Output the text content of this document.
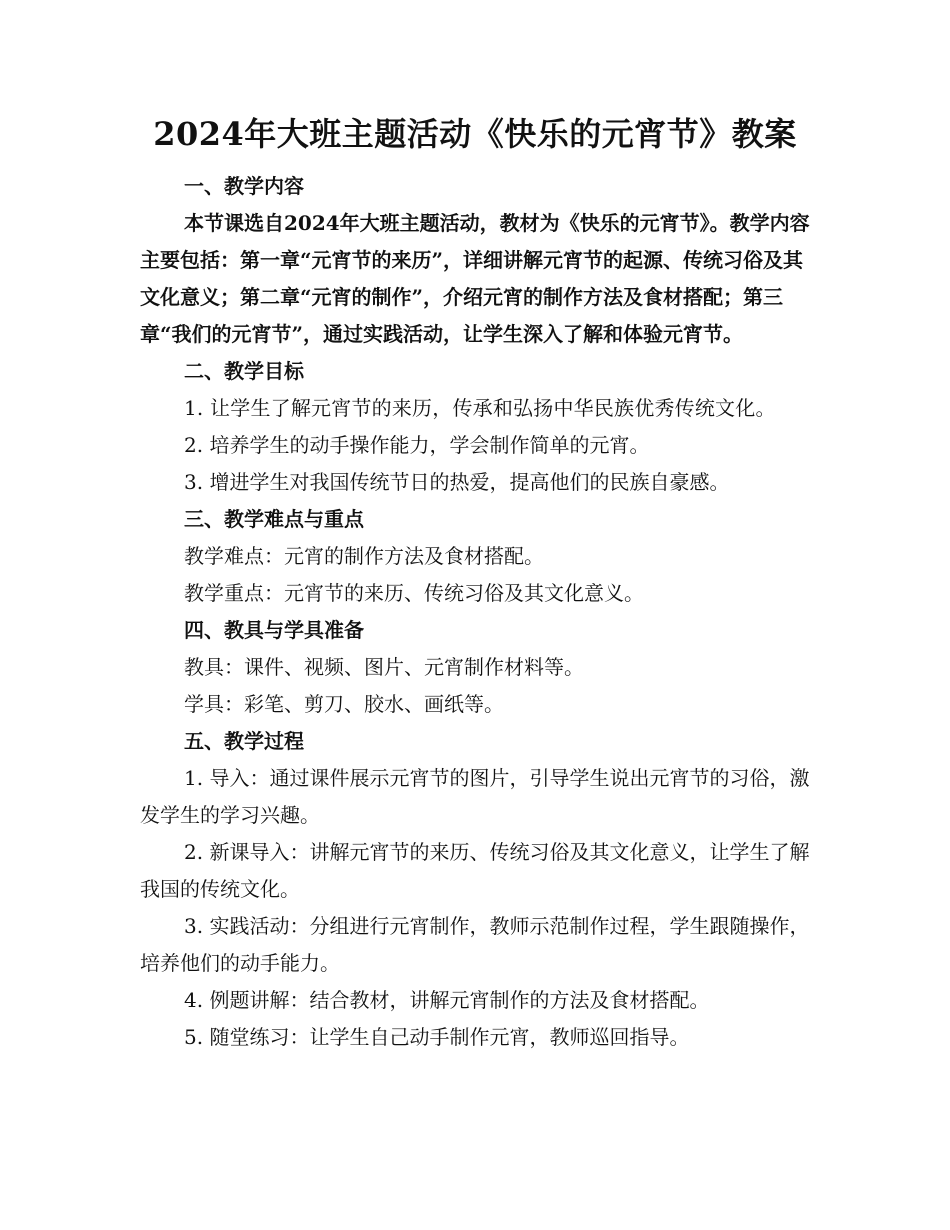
2024年大班主题活动《快乐的元宵节》教案

一、教学内容

本节课选自2024年大班主题活动，教材为《快乐的元宵节》。教学内容主要包括：第一章“元宵节的来历”，详细讲解元宵节的起源、传统习俗及其文化意义；第二章“元宵的制作”，介绍元宵的制作方法及食材搭配；第三章“我们的元宵节”，通过实践活动，让学生深入了解和体验元宵节。

二、教学目标

1. 让学生了解元宵节的来历，传承和弘扬中华民族优秀传统文化。

2. 培养学生的动手操作能力，学会制作简单的元宵。

3. 增进学生对我国传统节日的热爱，提高他们的民族自豪感。

三、教学难点与重点

教学难点：元宵的制作方法及食材搭配。

教学重点：元宵节的来历、传统习俗及其文化意义。

四、教具与学具准备

教具：课件、视频、图片、元宵制作材料等。

学具：彩笔、剪刀、胶水、画纸等。

五、教学过程

1. 导入：通过课件展示元宵节的图片，引导学生说出元宵节的习俗，激发学生的学习兴趣。

2. 新课导入：讲解元宵节的来历、传统习俗及其文化意义，让学生了解我国的传统文化。

3. 实践活动：分组进行元宵制作，教师示范制作过程，学生跟随操作，培养他们的动手能力。

4. 例题讲解：结合教材，讲解元宵制作的方法及食材搭配。

5. 随堂练习：让学生自己动手制作元宵，教师巡回指导。
